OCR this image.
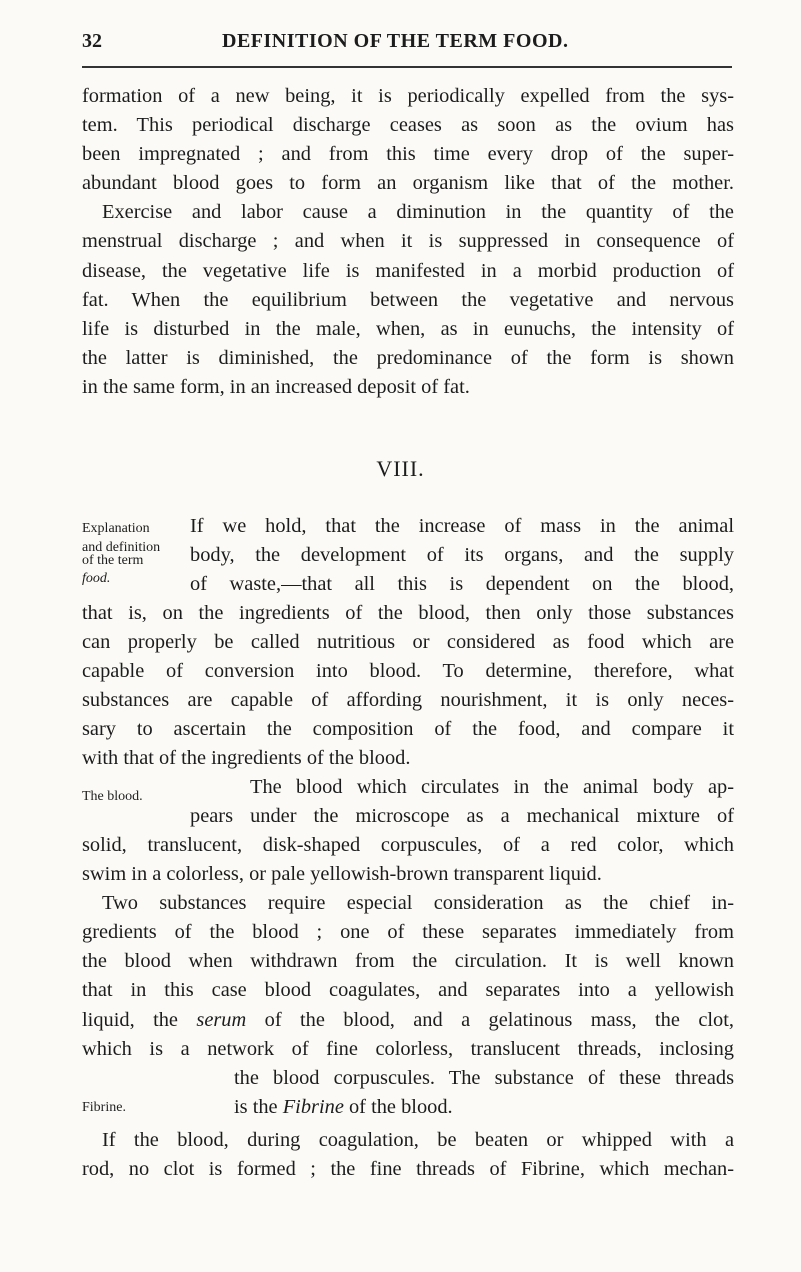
32	DEFINITION OF THE TERM FOOD.
formation of a new being, it is periodically expelled from the sys-
tem. This periodical discharge ceases as soon as the ovium has
been impregnated ; and from this time every drop of the super-
abundant blood goes to form an organism like that of the mother.
Exercise and labor cause a diminution in the quantity of the
menstrual discharge ; and when it is suppressed in consequence of
disease, the vegetative life is manifested in a morbid production of
fat. When the equilibrium between the vegetative and nervous
life is disturbed in the male, when, as in eunuchs, the intensity of
the latter is diminished, the predominance of the form is shown
in the same form, in an increased deposit of fat.
VIII.
Explanation
and definition
of the term
food.
If we hold, that the increase of mass in the animal
body, the development of its organs, and the supply
of waste,—that all this is dependent on the blood,
that is, on the ingredients of the blood, then only those substances
can properly be called nutritious or considered as food which are
capable of conversion into blood. To determine, therefore, what
substances are capable of affording nourishment, it is only neces-
sary to ascertain the composition of the food, and compare it
with that of the ingredients of the blood.
The blood.	The blood which circulates in the animal body ap-
pears under the microscope as a mechanical mixture of
solid, translucent, disk-shaped corpuscules, of a red color, which
swim in a colorless, or pale yellowish-brown transparent liquid.
Two substances require especial consideration as the chief in-
gredients of the blood ; one of these separates immediately from
the blood when withdrawn from the circulation. It is well known
that in this case blood coagulates, and separates into a yellowish
liquid, the serum of the blood, and a gelatinous mass, the clot,
which is a network of fine colorless, translucent threads, inclosing
Fibrine.
the blood corpuscules. The substance of these threads
is the Fibrine of the blood.
If the blood, during coagulation, be beaten or whipped with a
rod, no clot is formed ; the fine threads of Fibrine, which mechan-
